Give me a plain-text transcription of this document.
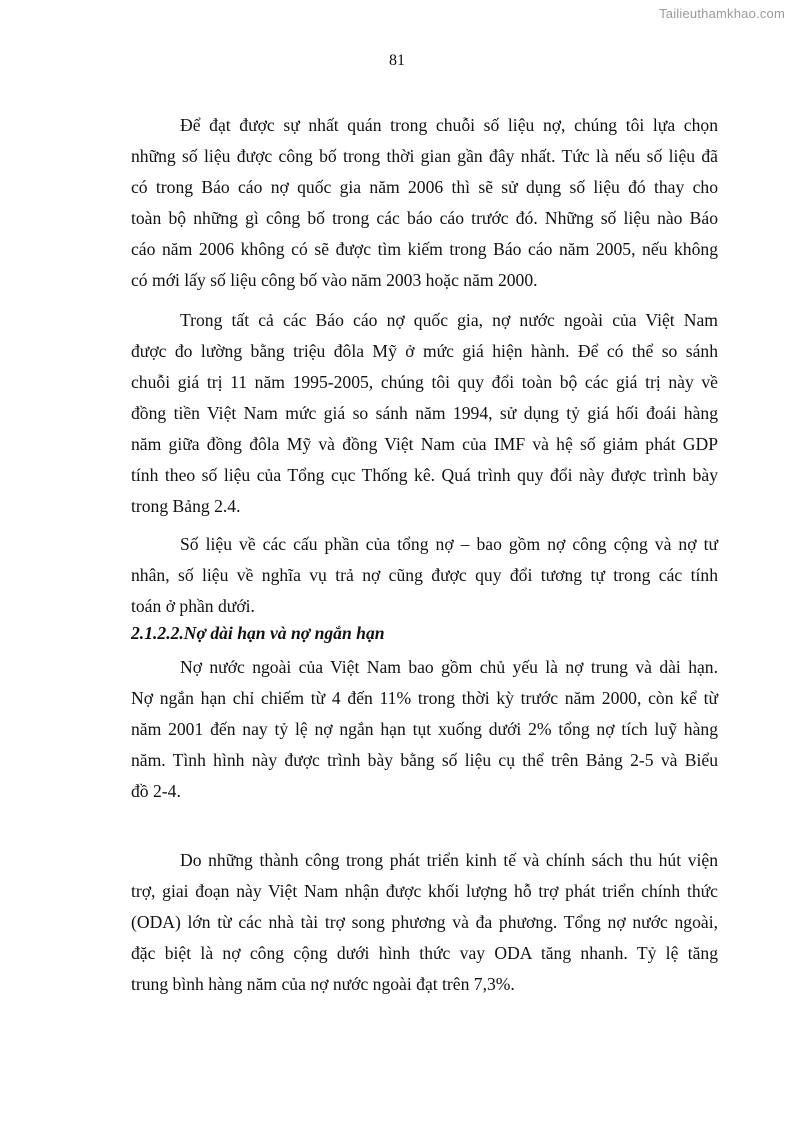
Tailieuthamkhao.com
81
Để đạt được sự nhất quán trong chuỗi số liệu nợ, chúng tôi lựa chọn
những số liệu được công bố trong thời gian gần đây nhất. Tức là nếu số liệu đã
có trong Báo cáo nợ quốc gia năm 2006 thì sẽ sử dụng số liệu đó thay cho
toàn bộ những gì công bố trong các báo cáo trước đó. Những số liệu nào Báo
cáo năm 2006 không có sẽ được tìm kiếm trong Báo cáo năm 2005, nếu không
có mới lấy số liệu công bố vào năm 2003 hoặc năm 2000.
Trong tất cả các Báo cáo nợ quốc gia, nợ nước ngoài của Việt Nam
được đo lường bằng triệu đôla Mỹ ở mức giá hiện hành. Để có thể so sánh
chuỗi giá trị 11 năm 1995-2005, chúng tôi quy đổi toàn bộ các giá trị này về
đồng tiền Việt Nam mức giá so sánh năm 1994, sử dụng tỷ giá hối đoái hàng
năm giữa đồng đôla Mỹ và đồng Việt Nam của IMF và hệ số giảm phát GDP
tính theo số liệu của Tổng cục Thống kê. Quá trình quy đổi này được trình bày
trong Bảng 2.4.
Số liệu về các cấu phần của tổng nợ – bao gồm nợ công cộng và nợ tư
nhân, số liệu về nghĩa vụ trả nợ cũng được quy đổi tương tự trong các tính
toán ở phần dưới.
2.1.2.2.Nợ dài hạn và nợ ngắn hạn
Nợ nước ngoài của Việt Nam bao gồm chủ yếu là nợ trung và dài hạn.
Nợ ngắn hạn chỉ chiếm từ 4 đến 11% trong thời kỳ trước năm 2000, còn kể từ
năm 2001 đến nay tỷ lệ nợ ngắn hạn tụt xuống dưới 2% tổng nợ tích luỹ hàng
năm. Tình hình này được trình bày bằng số liệu cụ thể trên Bảng 2-5 và Biểu
đồ 2-4.
Do những thành công trong phát triển kinh tế và chính sách thu hút viện
trợ, giai đoạn này Việt Nam nhận được khối lượng hỗ trợ phát triển chính thức
(ODA) lớn từ các nhà tài trợ song phương và đa phương. Tổng nợ nước ngoài,
đặc biệt là nợ công cộng dưới hình thức vay ODA tăng nhanh. Tỷ lệ tăng
trung bình hàng năm của nợ nước ngoài đạt trên 7,3%.
